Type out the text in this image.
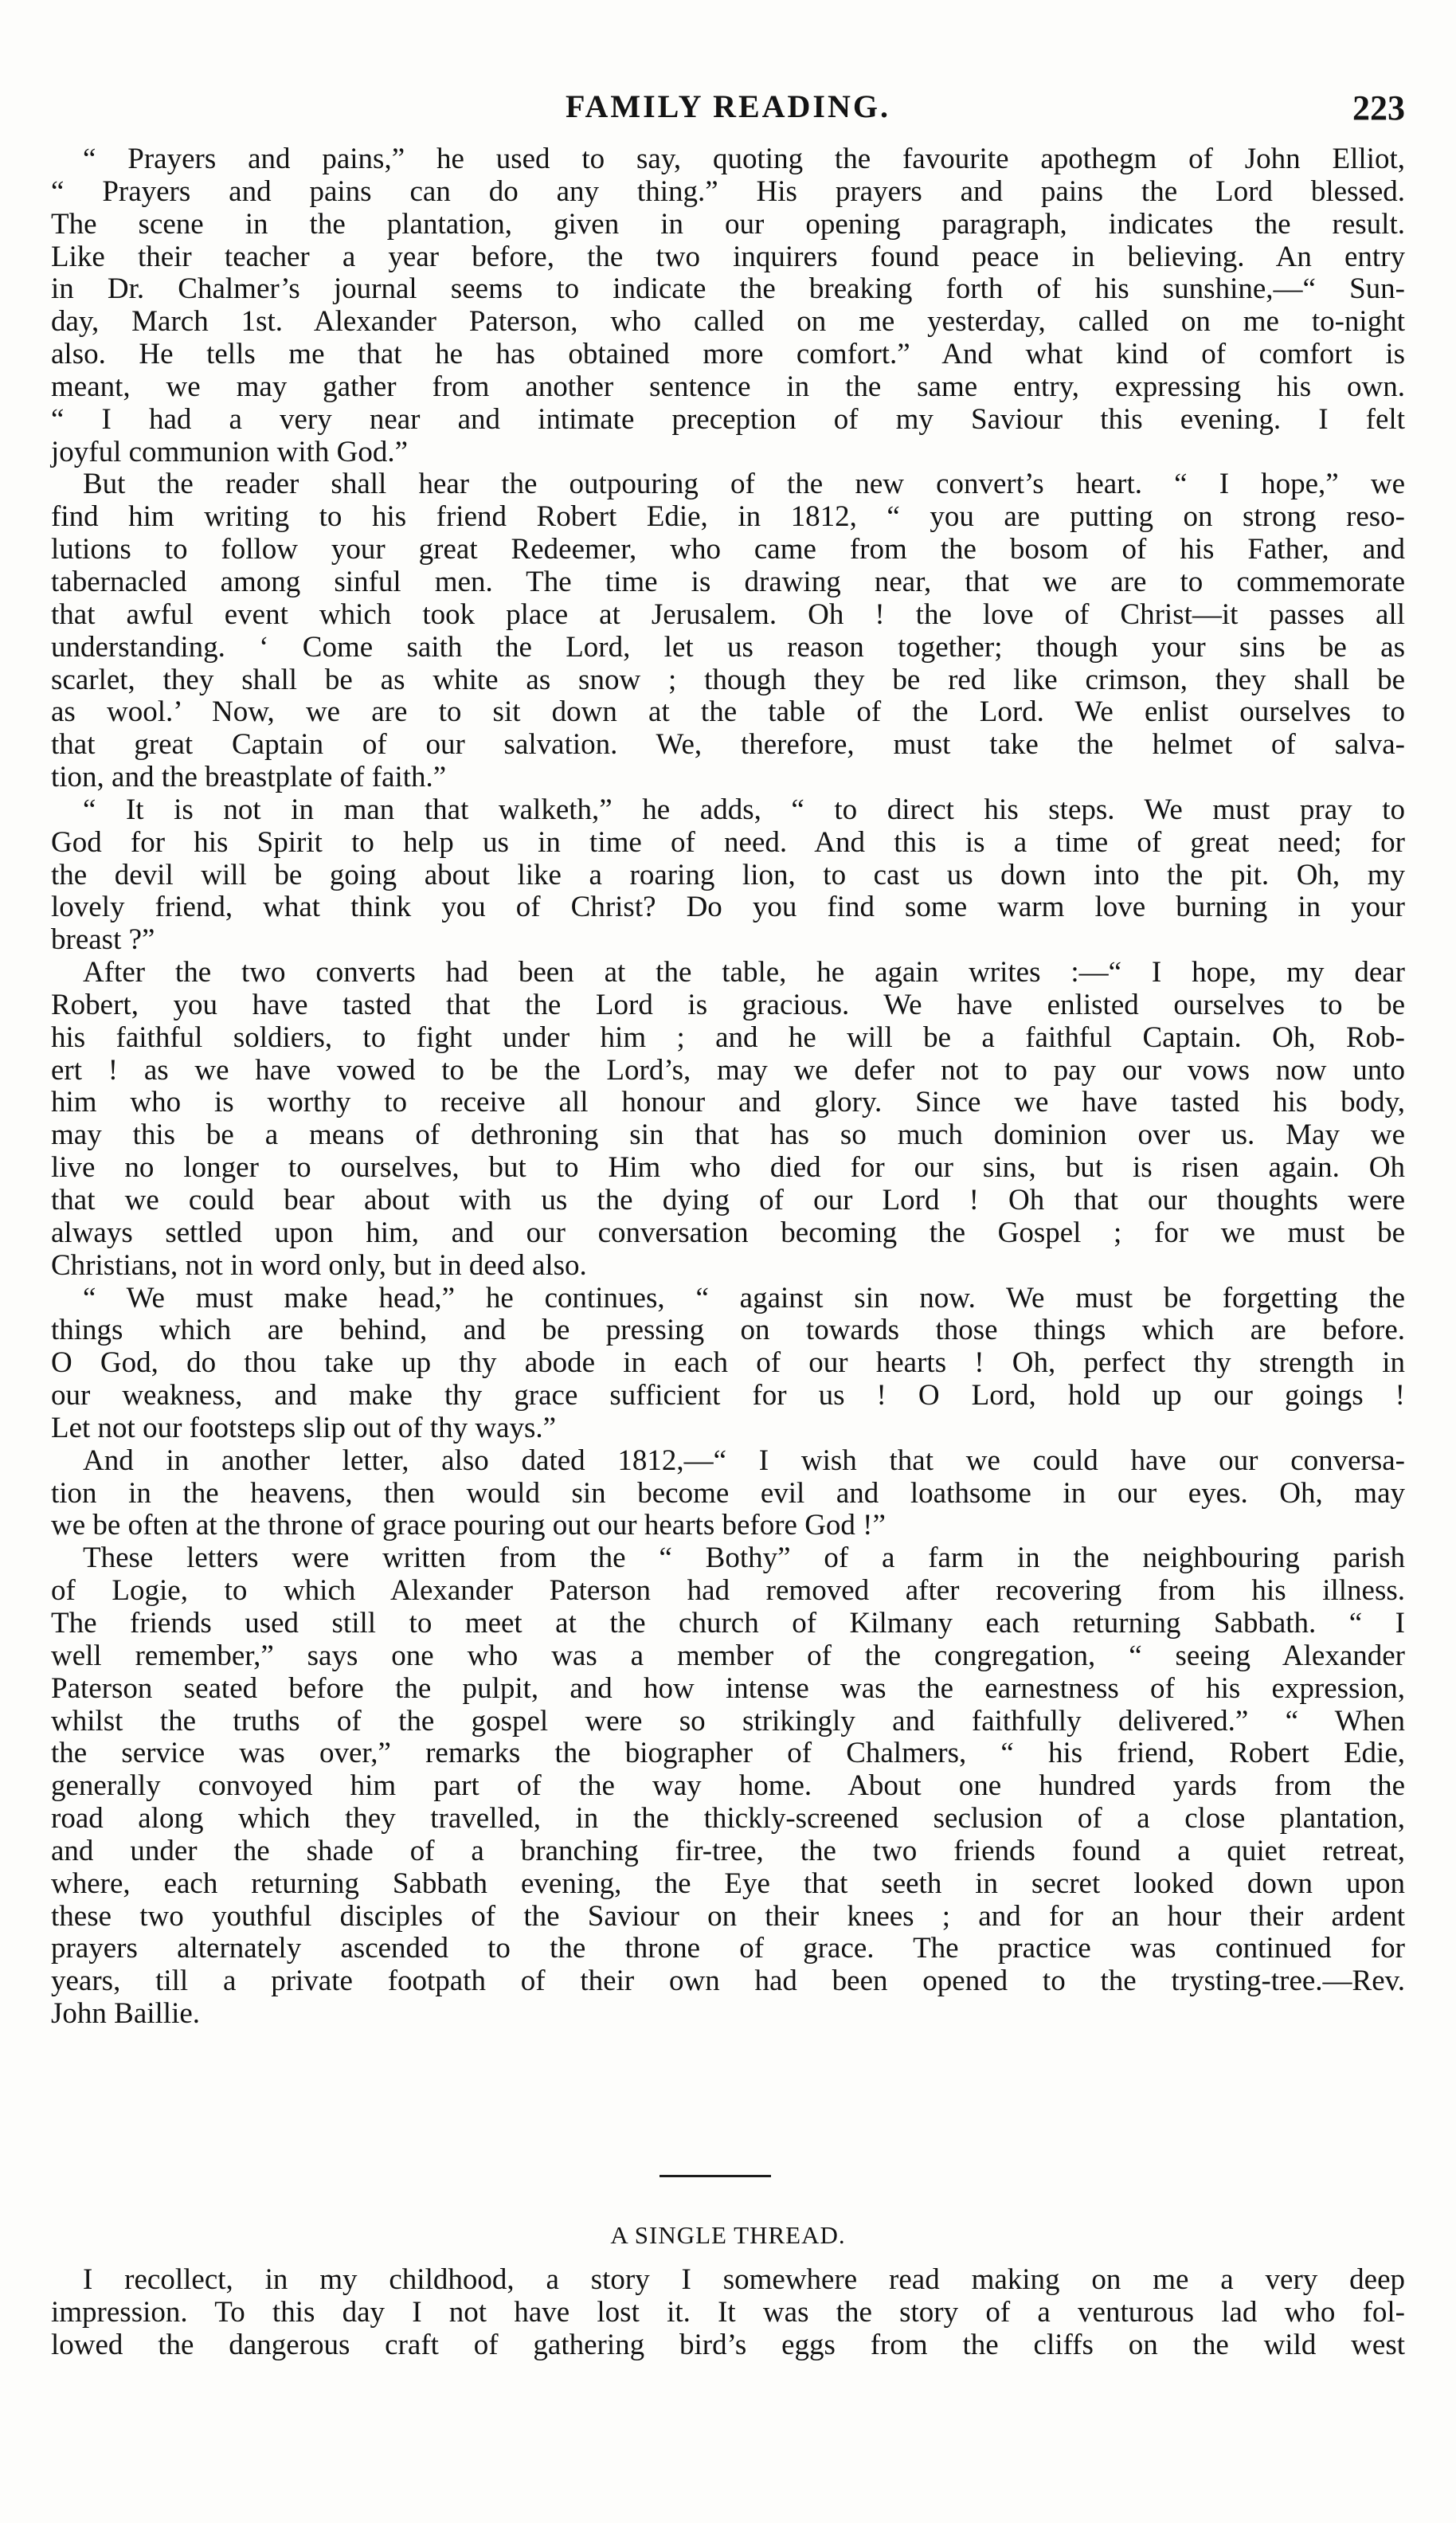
FAMILY READING.	223
“ Prayers and pains,” he used to say, quoting the favourite apothegm of John Elliot,
“ Prayers and pains can do any thing.” His prayers and pains the Lord blessed.
The scene in the plantation, given in our opening paragraph, indicates the result.
Like their teacher a year before, the two inquirers found peace in believing. An entry
in Dr. Chalmer’s journal seems to indicate the breaking forth of his sunshine,—“ Sun-
day, March 1st. Alexander Paterson, who called on me yesterday, called on me to-night
also. He tells me that he has obtained more comfort.” And what kind of comfort is
meant, we may gather from another sentence in the same entry, expressing his own.
“ I had a very near and intimate preception of my Saviour this evening. I felt
joyful communion with God.”
But the reader shall hear the outpouring of the new convert’s heart. “ I hope,” we
find him writing to his friend Robert Edie, in 1812, “ you are putting on strong reso-
lutions to follow your great Redeemer, who came from the bosom of his Father, and
tabernacled among sinful men. The time is drawing near, that we are to commemorate
that awful event which took place at Jerusalem. Oh ! the love of Christ—it passes all
understanding. ‘ Come saith the Lord, let us reason together; though your sins be as
scarlet, they shall be as white as snow ; though they be red like crimson, they shall be
as wool.’ Now, we are to sit down at the table of the Lord. We enlist ourselves to
that great Captain of our salvation. We, therefore, must take the helmet of salva-
tion, and the breastplate of faith.”
“ It is not in man that walketh,” he adds, “ to direct his steps. We must pray to
God for his Spirit to help us in time of need. And this is a time of great need; for
the devil will be going about like a roaring lion, to cast us down into the pit. Oh, my
lovely friend, what think you of Christ? Do you find some warm love burning in your
breast ?”
After the two converts had been at the table, he again writes :—“ I hope, my dear
Robert, you have tasted that the Lord is gracious. We have enlisted ourselves to be
his faithful soldiers, to fight under him ; and he will be a faithful Captain. Oh, Rob-
ert ! as we have vowed to be the Lord’s, may we defer not to pay our vows now unto
him who is worthy to receive all honour and glory. Since we have tasted his body,
may this be a means of dethroning sin that has so much dominion over us. May we
live no longer to ourselves, but to Him who died for our sins, but is risen again. Oh
that we could bear about with us the dying of our Lord ! Oh that our thoughts were
always settled upon him, and our conversation becoming the Gospel ; for we must be
Christians, not in word only, but in deed also.
“ We must make head,” he continues, “ against sin now. We must be forgetting the
things which are behind, and be pressing on towards those things which are before.
O God, do thou take up thy abode in each of our hearts ! Oh, perfect thy strength in
our weakness, and make thy grace sufficient for us ! O Lord, hold up our goings !
Let not our footsteps slip out of thy ways.”
And in another letter, also dated 1812,—“ I wish that we could have our conversa-
tion in the heavens, then would sin become evil and loathsome in our eyes. Oh, may
we be often at the throne of grace pouring out our hearts before God !”
These letters were written from the “ Bothy” of a farm in the neighbouring parish
of Logie, to which Alexander Paterson had removed after recovering from his illness.
The friends used still to meet at the church of Kilmany each returning Sabbath. “ I
well remember,” says one who was a member of the congregation, “ seeing Alexander
Paterson seated before the pulpit, and how intense was the earnestness of his expression,
whilst the truths of the gospel were so strikingly and faithfully delivered.” “ When
the service was over,” remarks the biographer of Chalmers, “ his friend, Robert Edie,
generally convoyed him part of the way home. About one hundred yards from the
road along which they travelled, in the thickly-screened seclusion of a close plantation,
and under the shade of a branching fir-tree, the two friends found a quiet retreat,
where, each returning Sabbath evening, the Eye that seeth in secret looked down upon
these two youthful disciples of the Saviour on their knees ; and for an hour their ardent
prayers alternately ascended to the throne of grace. The practice was continued for
years, till a private footpath of their own had been opened to the trysting-tree.—Rev.
John Baillie.
A SINGLE THREAD.
I recollect, in my childhood, a story I somewhere read making on me a very deep
impression. To this day I not have lost it. It was the story of a venturous lad who fol-
lowed the dangerous craft of gathering bird’s eggs from the cliffs on the wild west
